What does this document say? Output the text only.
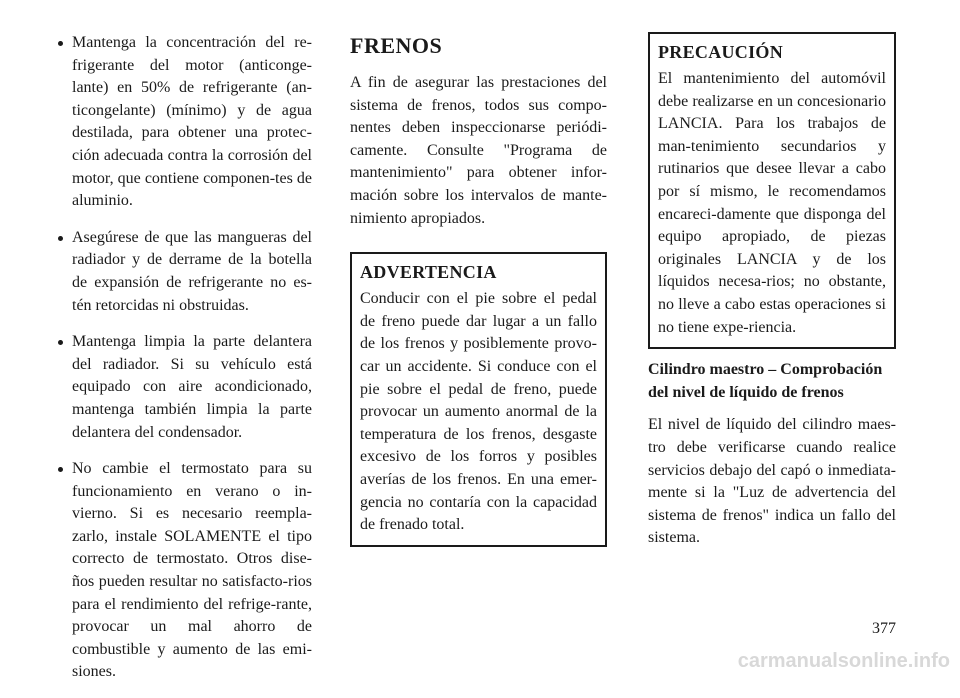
Mantenga la concentración del re-frigerante del motor (anticonge-lante) en 50% de refrigerante (an-ticongelante) (mínimo) y de agua destilada, para obtener una protec-ción adecuada contra la corrosión del motor, que contiene componen-tes de aluminio.
Asegúrese de que las mangueras del radiador y de derrame de la botella de expansión de refrigerante no es-tén retorcidas ni obstruidas.
Mantenga limpia la parte delantera del radiador. Si su vehículo está equipado con aire acondicionado, mantenga también limpia la parte delantera del condensador.
No cambie el termostato para su funcionamiento en verano o in-vierno. Si es necesario reempla-zarlo, instale SOLAMENTE el tipo correcto de termostato. Otros dise-ños pueden resultar no satisfacto-rios para el rendimiento del refrige-rante, provocar un mal ahorro de combustible y aumento de las emi-siones.
FRENOS

A fin de asegurar las prestaciones del sistema de frenos, todos sus compo-nentes deben inspeccionarse periódi-camente. Consulte "Programa de mantenimiento" para obtener infor-mación sobre los intervalos de mante-nimiento apropiados.

ADVERTENCIA

Conducir con el pie sobre el pedal de freno puede dar lugar a un fallo de los frenos y posiblemente provo-car un accidente. Si conduce con el pie sobre el pedal de freno, puede provocar un aumento anormal de la temperatura de los frenos, desgaste excesivo de los forros y posibles averías de los frenos. En una emer-gencia no contaría con la capacidad de frenado total.

PRECAUCIÓN

El mantenimiento del automóvil debe realizarse en un concesionario LANCIA. Para los trabajos de man-tenimiento secundarios y rutinarios que desee llevar a cabo por sí mismo, le recomendamos encareci-damente que disponga del equipo apropiado, de piezas originales LANCIA y de los líquidos necesa-rios; no obstante, no lleve a cabo estas operaciones si no tiene expe-riencia.

Cilindro maestro – Comprobación del nivel de líquido de frenos

El nivel de líquido del cilindro maes-tro debe verificarse cuando realice servicios debajo del capó o inmediata-mente si la "Luz de advertencia del sistema de frenos" indica un fallo del sistema.

377
carmanualsonline.info
